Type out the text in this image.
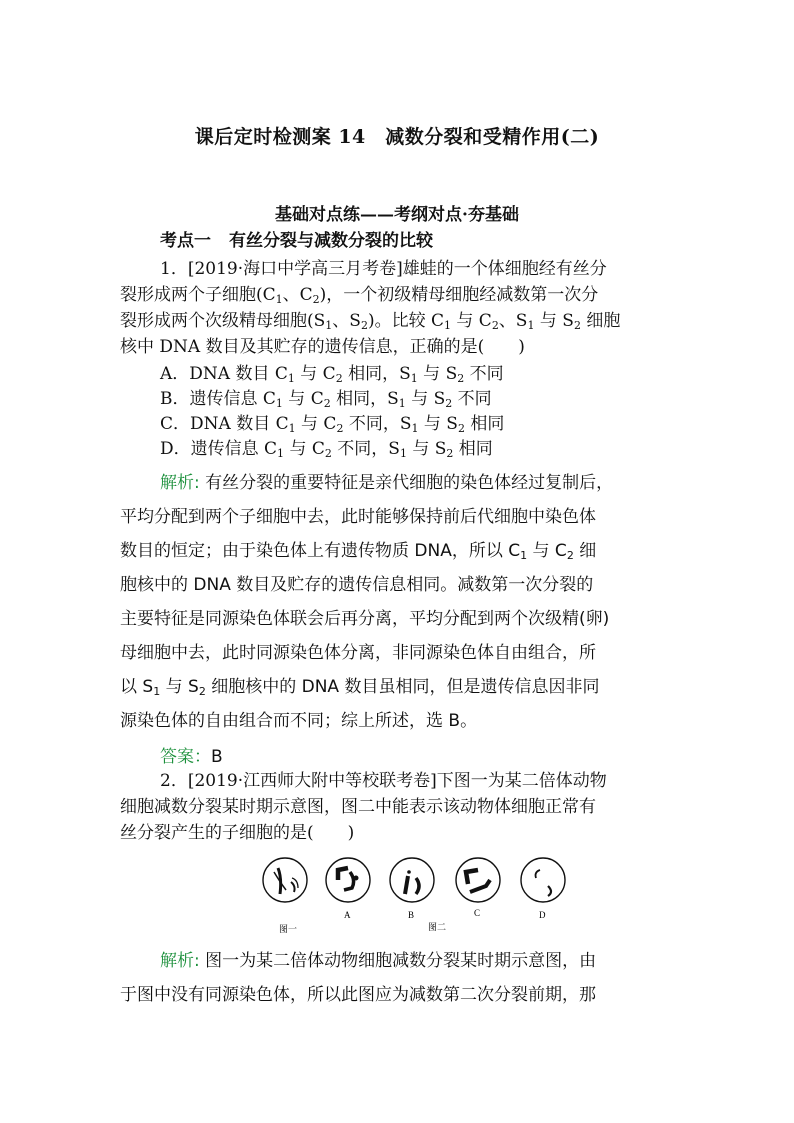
课后定时检测案 14　减数分裂和受精作用(二)
基础对点练——考纲对点·夯基础
考点一 有丝分裂与减数分裂的比较
1．[2019·海口中学高三月考卷]雄蛙的一个体细胞经有丝分
裂形成两个子细胞($C_1$、$C_2$)，一个初级精母细胞经减数第一次分
裂形成两个次级精母细胞($S_1$、$S_2$)。比较 $C_1$ 与 $C_2$、$S_1$ 与 $S_2$ 细胞
核中 DNA 数目及其贮存的遗传信息，正确的是(　　)
A．DNA 数目 $C_1$ 与 $C_2$ 相同，$S_1$ 与 $S_2$ 不同
B．遗传信息 $C_1$ 与 $C_2$ 相同，$S_1$ 与 $S_2$ 不同
C．DNA 数目 $C_1$ 与 $C_2$ 不同，$S_1$ 与 $S_2$ 相同
D．遗传信息 $C_1$ 与 $C_2$ 不同，$S_1$ 与 $S_2$ 相同
解析: 有丝分裂的重要特征是亲代细胞的染色体经过复制后，
平均分配到两个子细胞中去，此时能够保持前后代细胞中染色体
数目的恒定；由于染色体上有遗传物质 DNA，所以 $C_1$ 与 $C_2$ 细
胞核中的 DNA 数目及贮存的遗传信息相同。减数第一次分裂的
主要特征是同源染色体联会后再分离，平均分配到两个次级精(卵)
母细胞中去，此时同源染色体分离，非同源染色体自由组合，所
以 $S_1$ 与 $S_2$ 细胞核中的 DNA 数目虽相同，但是遗传信息因非同
源染色体的自由组合而不同；综上所述，选 B。
答案：B
2．[2019·江西师大附中等校联考卷]下图一为某二倍体动物
细胞减数分裂某时期示意图，图二中能表示该动物体细胞正常有
丝分裂产生的子细胞的是(　　)
图一
A	B
图二
C	D
解析: 图一为某二倍体动物细胞减数分裂某时期示意图，由
于图中没有同源染色体，所以此图应为减数第二次分裂前期，那
